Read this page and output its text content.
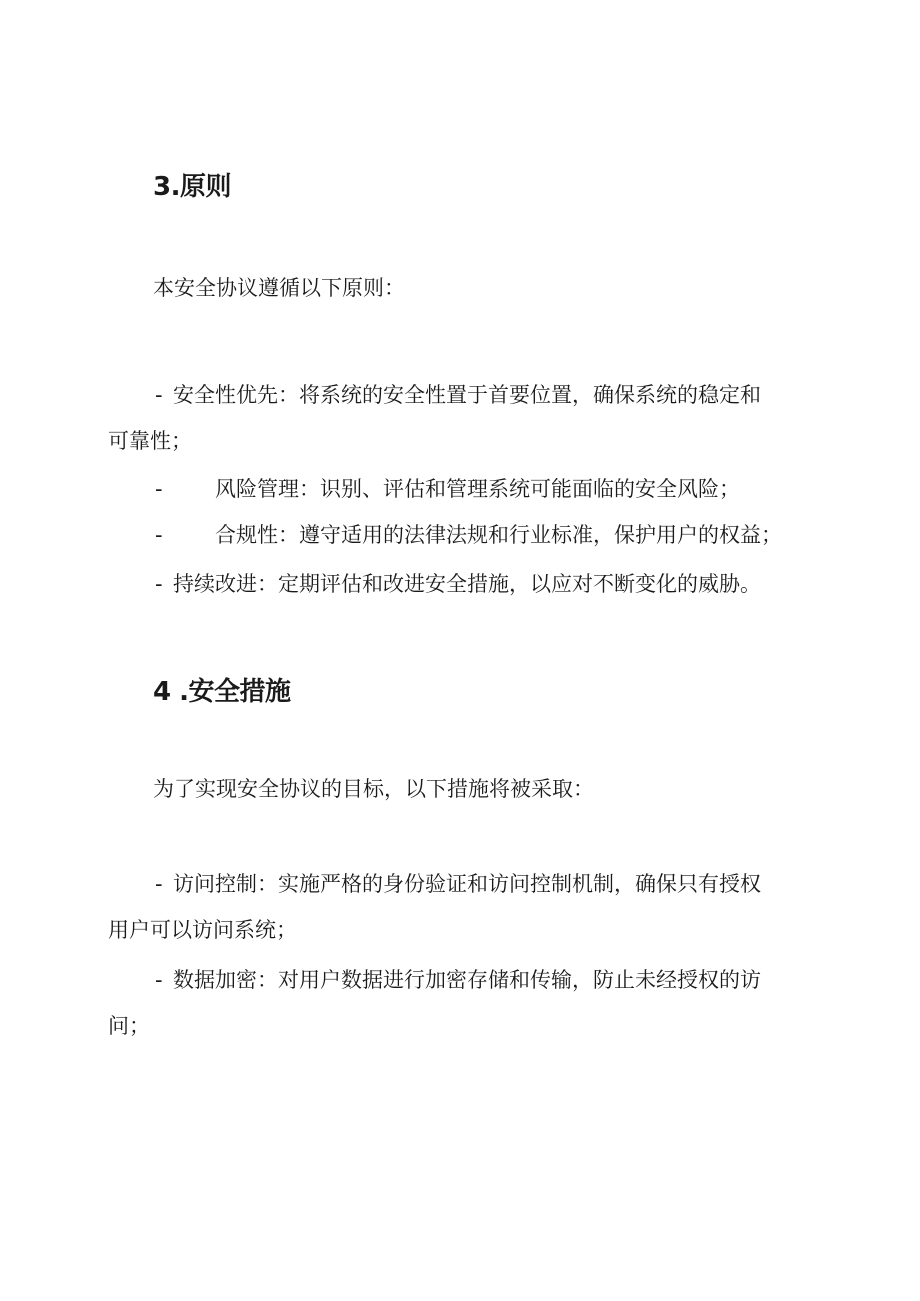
3.原则
本安全协议遵循以下原则：
- 安全性优先：将系统的安全性置于首要位置，确保系统的稳定和
可靠性；
- 风险管理：识别、评估和管理系统可能面临的安全风险；
- 合规性：遵守适用的法律法规和行业标准，保护用户的权益；
- 持续改进：定期评估和改进安全措施，以应对不断变化的威胁。
4 .安全措施
为了实现安全协议的目标，以下措施将被采取：
- 访问控制：实施严格的身份验证和访问控制机制，确保只有授权
用户可以访问系统；
- 数据加密：对用户数据进行加密存储和传输，防止未经授权的访
问；
